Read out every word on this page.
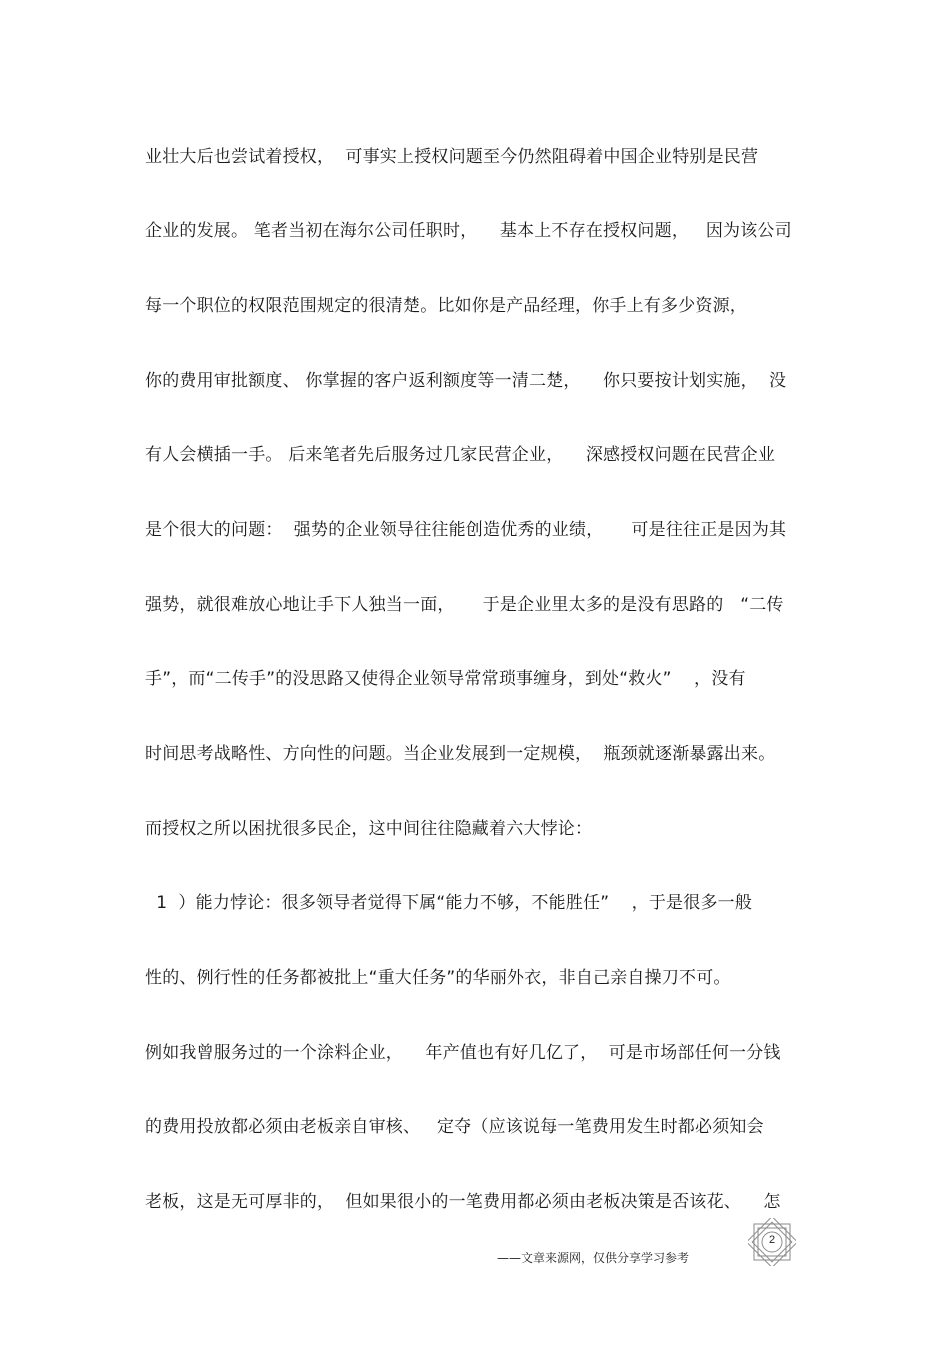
业壮大后也尝试着授权，  可事实上授权问题至今仍然阻碍着中国企业特别是民营
企业的发展。 笔者当初在海尔公司任职时，    基本上不存在授权问题，   因为该公司
每一个职位的权限范围规定的很清楚。比如你是产品经理，你手上有多少资源，
你的费用审批额度、 你掌握的客户返利额度等一清二楚，    你只要按计划实施，  没
有人会横插一手。 后来笔者先后服务过几家民营企业，    深感授权问题在民营企业
是个很大的问题：  强势的企业领导往往能创造优秀的业绩，     可是往往正是因为其
强势，就很难放心地让手下人独当一面，     于是企业里太多的是没有思路的   “二传
手”，而“二传手”的没思路又使得企业领导常常琐事缠身，到处“救火”    ，没有
时间思考战略性、方向性的问题。当企业发展到一定规模，  瓶颈就逐渐暴露出来。
而授权之所以困扰很多民企，这中间往往隐藏着六大悖论：
1  ）能力悖论：很多领导者觉得下属“能力不够，不能胜任”    ，于是很多一般
性的、例行性的任务都被批上“重大任务”的华丽外衣，非自己亲自操刀不可。
例如我曾服务过的一个涂料企业，    年产值也有好几亿了，  可是市场部任何一分钱
的费用投放都必须由老板亲自审核、   定夺（应该说每一笔费用发生时都必须知会
老板，这是无可厚非的，  但如果很小的一笔费用都必须由老板决策是否该花、    怎
2
——文章来源网，仅供分享学习参考
